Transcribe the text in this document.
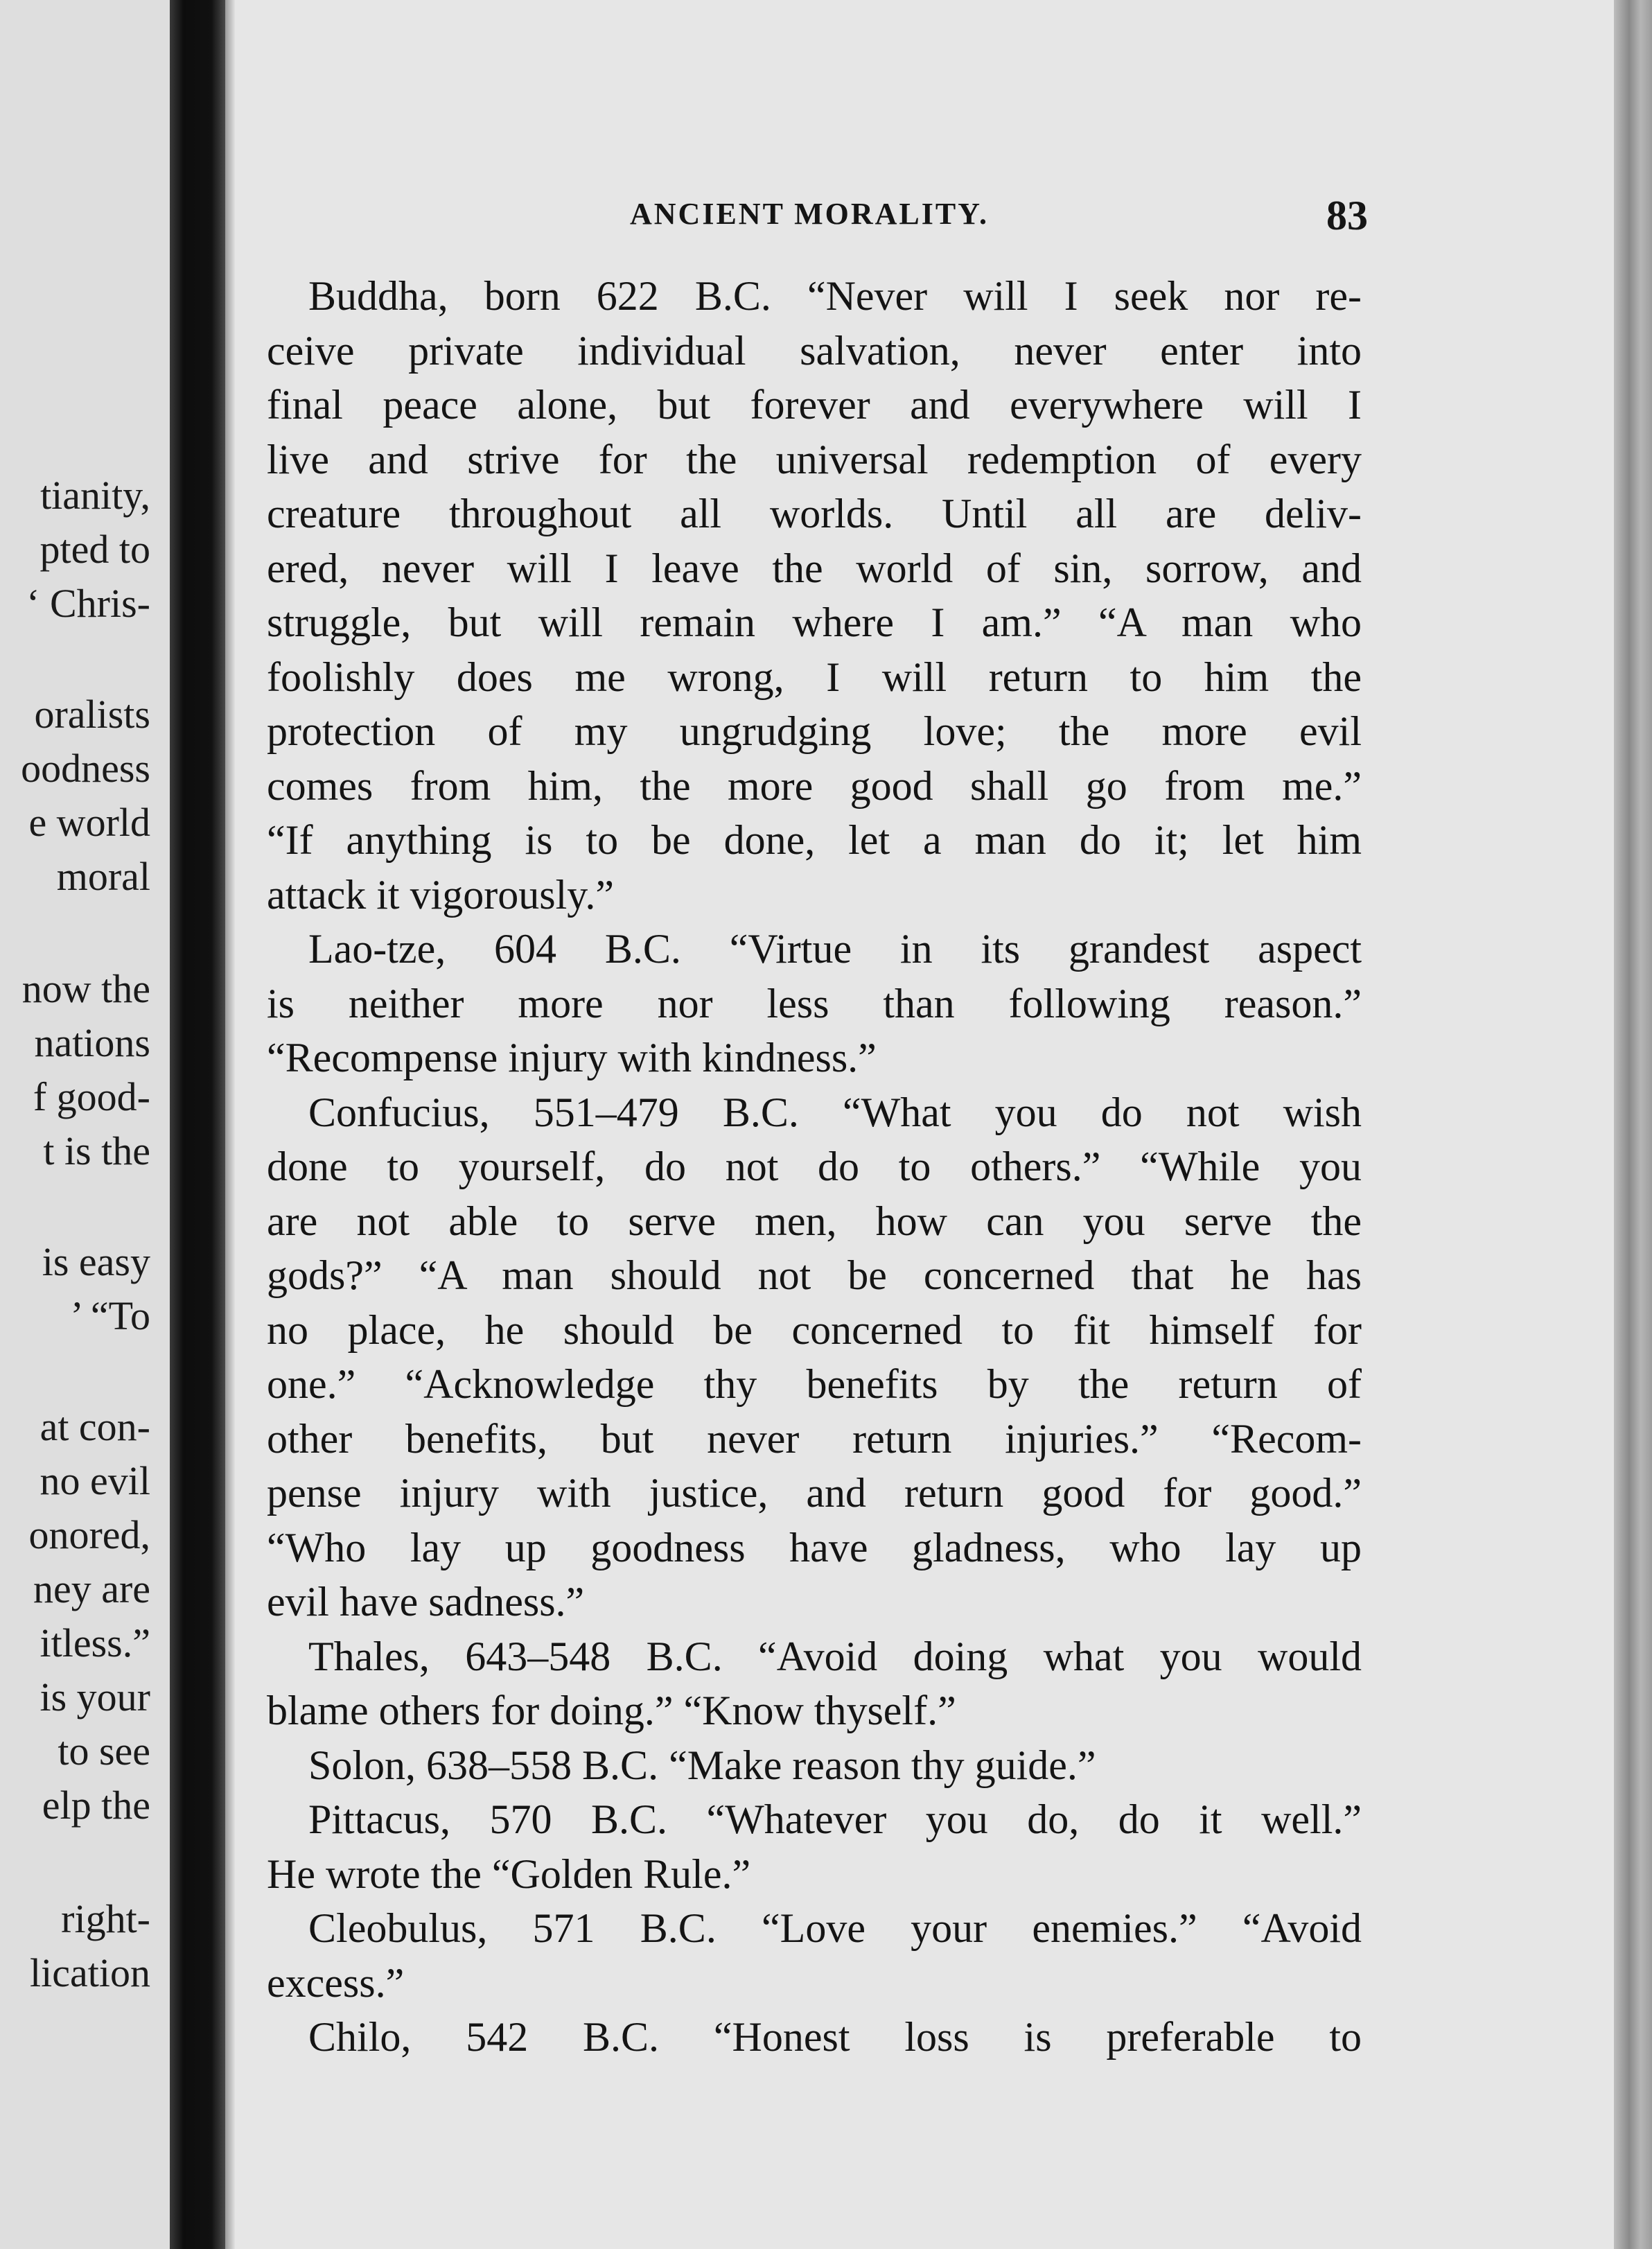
tianity,
pted to
‘ Chris-
oralists
oodness
e world
moral
now the
nations
f good-
t is the
is easy
’ “To
at con-
no evil
onored,
ney are
itless.”
is your
to see
elp the
right-
lication
ANCIENT MORALITY.	83
Buddha, born 622 B.C. “Never will I seek nor re-
ceive private individual salvation, never enter into
final peace alone, but forever and everywhere will I
live and strive for the universal redemption of every
creature throughout all worlds. Until all are deliv-
ered, never will I leave the world of sin, sorrow, and
struggle, but will remain where I am.” “A man who
foolishly does me wrong, I will return to him the
protection of my ungrudging love; the more evil
comes from him, the more good shall go from me.”
“If anything is to be done, let a man do it; let him
attack it vigorously.”
Lao-tze, 604 B.C. “Virtue in its grandest aspect
is neither more nor less than following reason.”
“Recompense injury with kindness.”
Confucius, 551–479 B.C. “What you do not wish
done to yourself, do not do to others.” “While you
are not able to serve men, how can you serve the
gods?” “A man should not be concerned that he has
no place, he should be concerned to fit himself for
one.” “Acknowledge thy benefits by the return of
other benefits, but never return injuries.” “Recom-
pense injury with justice, and return good for good.”
“Who lay up goodness have gladness, who lay up
evil have sadness.”
Thales, 643–548 B.C. “Avoid doing what you would
blame others for doing.” “Know thyself.”
Solon, 638–558 B.C. “Make reason thy guide.”
Pittacus, 570 B.C. “Whatever you do, do it well.”
He wrote the “Golden Rule.”
Cleobulus, 571 B.C. “Love your enemies.” “Avoid
excess.”
Chilo, 542 B.C. “Honest loss is preferable to
